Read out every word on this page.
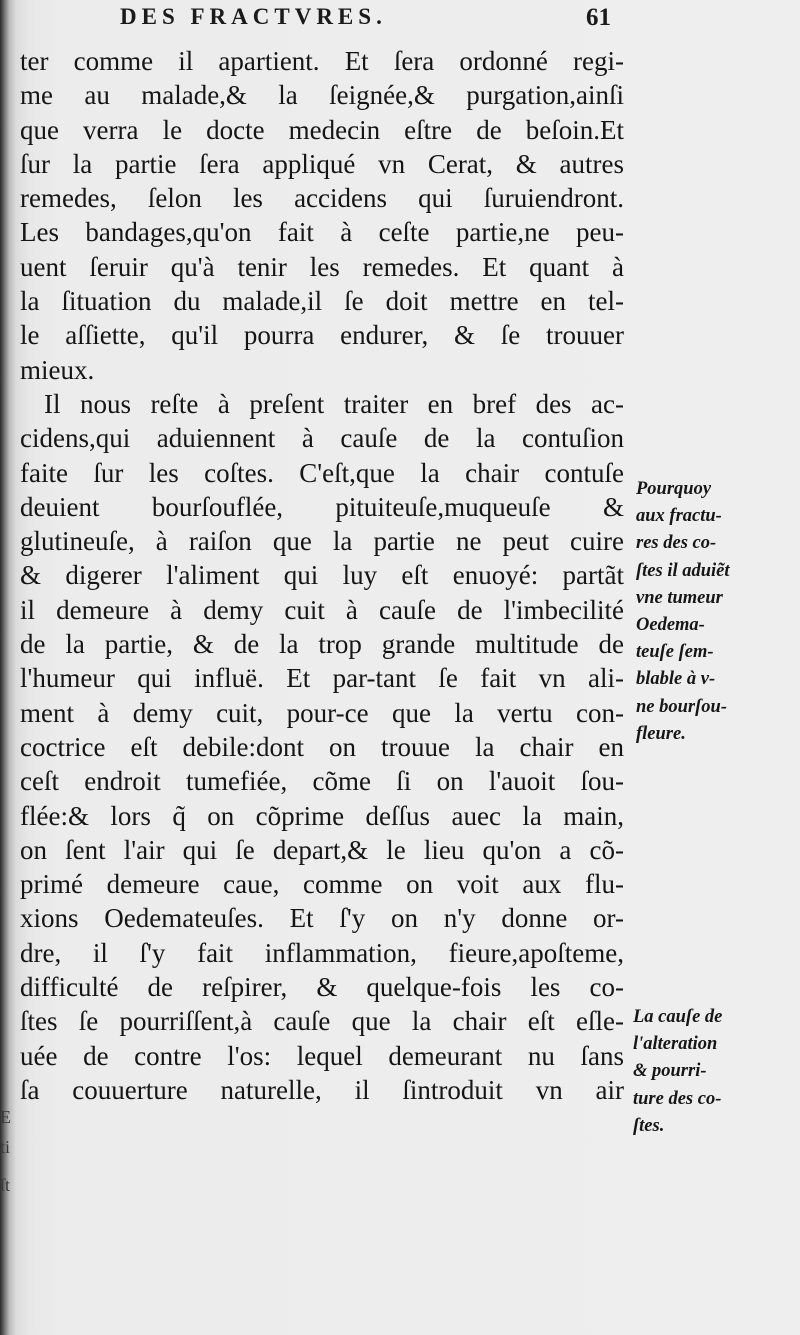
E
ti
ſt
DES FRACTVRES.	61
ter comme il apartient. Et ſera ordonné regi-
me au malade,& la ſeignée,& purgation,ainſi
que verra le docte medecin eſtre de beſoin.Et
ſur la partie ſera appliqué vn Cerat, & autres
remedes, ſelon les accidens qui ſuruiendront.
Les bandages,qu'on fait à ceſte partie,ne peu-
uent ſeruir qu'à tenir les remedes. Et quant à
la ſituation du malade,il ſe doit mettre en tel-
le aſſiette, qu'il pourra endurer, & ſe trouuer
mieux.
Il nous reſte à preſent traiter en bref des ac-
cidens,qui aduiennent à cauſe de la contuſion
faite ſur les coſtes. C'eſt,que la chair contuſe
deuient bourſouflée, pituiteuſe,muqueuſe &
glutineuſe, à raiſon que la partie ne peut cuire
& digerer l'aliment qui luy eſt enuoyé: partãt
il demeure à demy cuit à cauſe de l'imbecilité
de la partie, & de la trop grande multitude de
l'humeur qui influë. Et par-tant ſe fait vn ali-
ment à demy cuit, pour-ce que la vertu con-
coctrice eſt debile:dont on trouue la chair en
ceſt endroit tumefiée, cõme ſi on l'auoit ſou-
flée:& lors q̃ on cõprime deſſus auec la main,
on ſent l'air qui ſe depart,& le lieu qu'on a cõ-
primé demeure caue, comme on voit aux flu-
xions Oedemateuſes. Et ſ'y on n'y donne or-
dre, il ſ'y fait inflammation, fieure,apoſteme,
difficulté de reſpirer, & quelque-fois les co-
ſtes ſe pourriſſent,à cauſe que la chair eſt eſle-
uée de contre l'os: lequel demeurant nu ſans
ſa couuerture naturelle, il ſintroduit vn air
Pourquoy
aux fractu-
res des co-
ſtes il aduiẽt
vne tumeur
Oedema-
teuſe ſem-
blable à v-
ne bourſou-
fleure.
La cauſe de
l'alteration
& pourri-
ture des co-
ſtes.
